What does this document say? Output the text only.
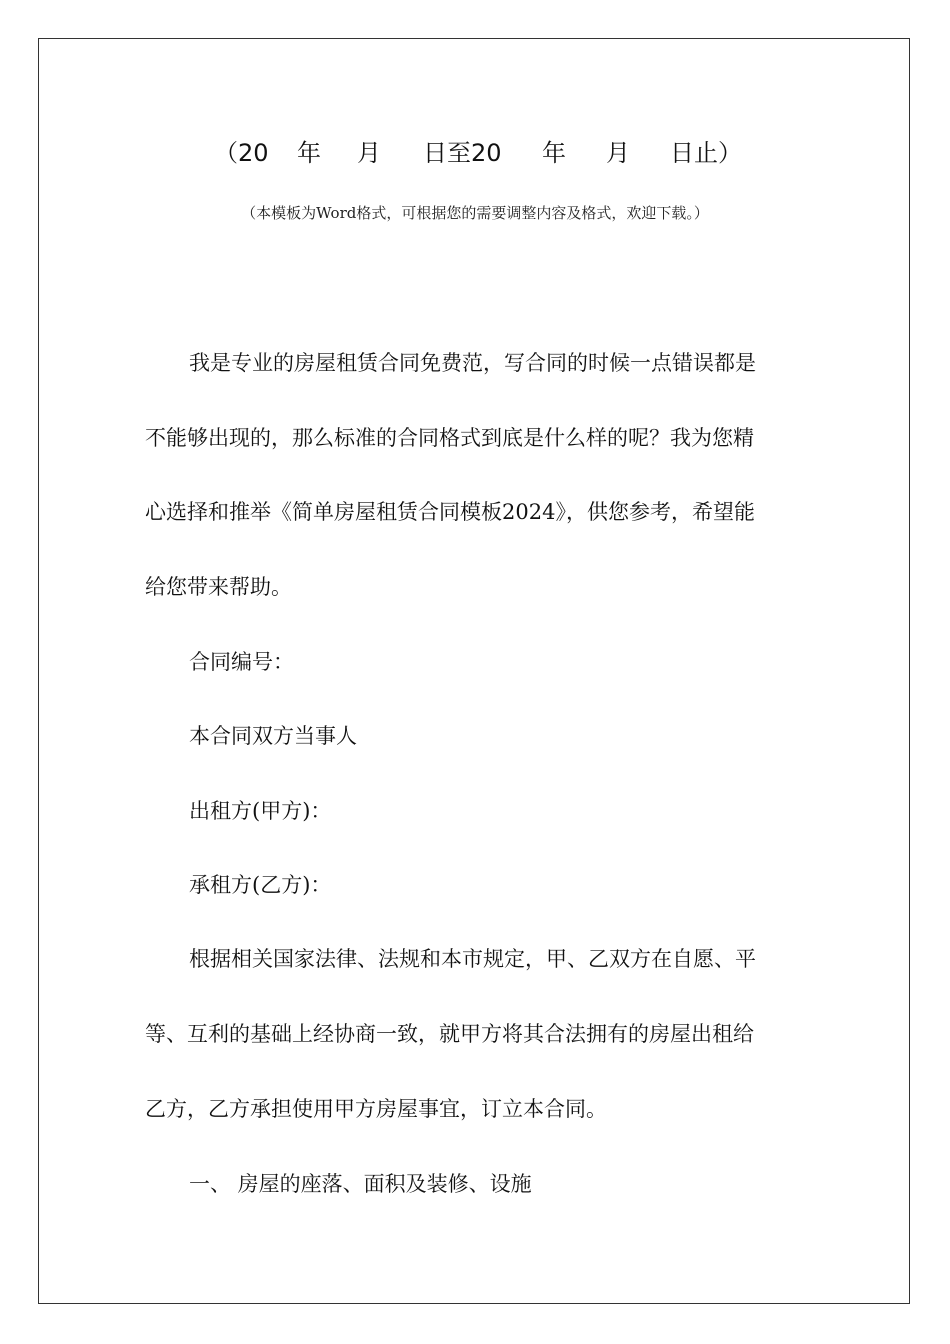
（20 年 月 日至20 年 月 日止）
（本模板为Word格式，可根据您的需要调整内容及格式，欢迎下载。）
我是专业的房屋租赁合同免费范，写合同的时候一点错误都是
不能够出现的，那么标准的合同格式到底是什么样的呢？我为您精
心选择和推举《简单房屋租赁合同模板2024》，供您参考，希望能
给您带来帮助。
合同编号：
本合同双方当事人
出租方(甲方)：
承租方(乙方)：
根据相关国家法律、法规和本市规定，甲、乙双方在自愿、平
等、互利的基础上经协商一致，就甲方将其合法拥有的房屋出租给
乙方，乙方承担使用甲方房屋事宜，订立本合同。
一、 房屋的座落、面积及装修、设施
